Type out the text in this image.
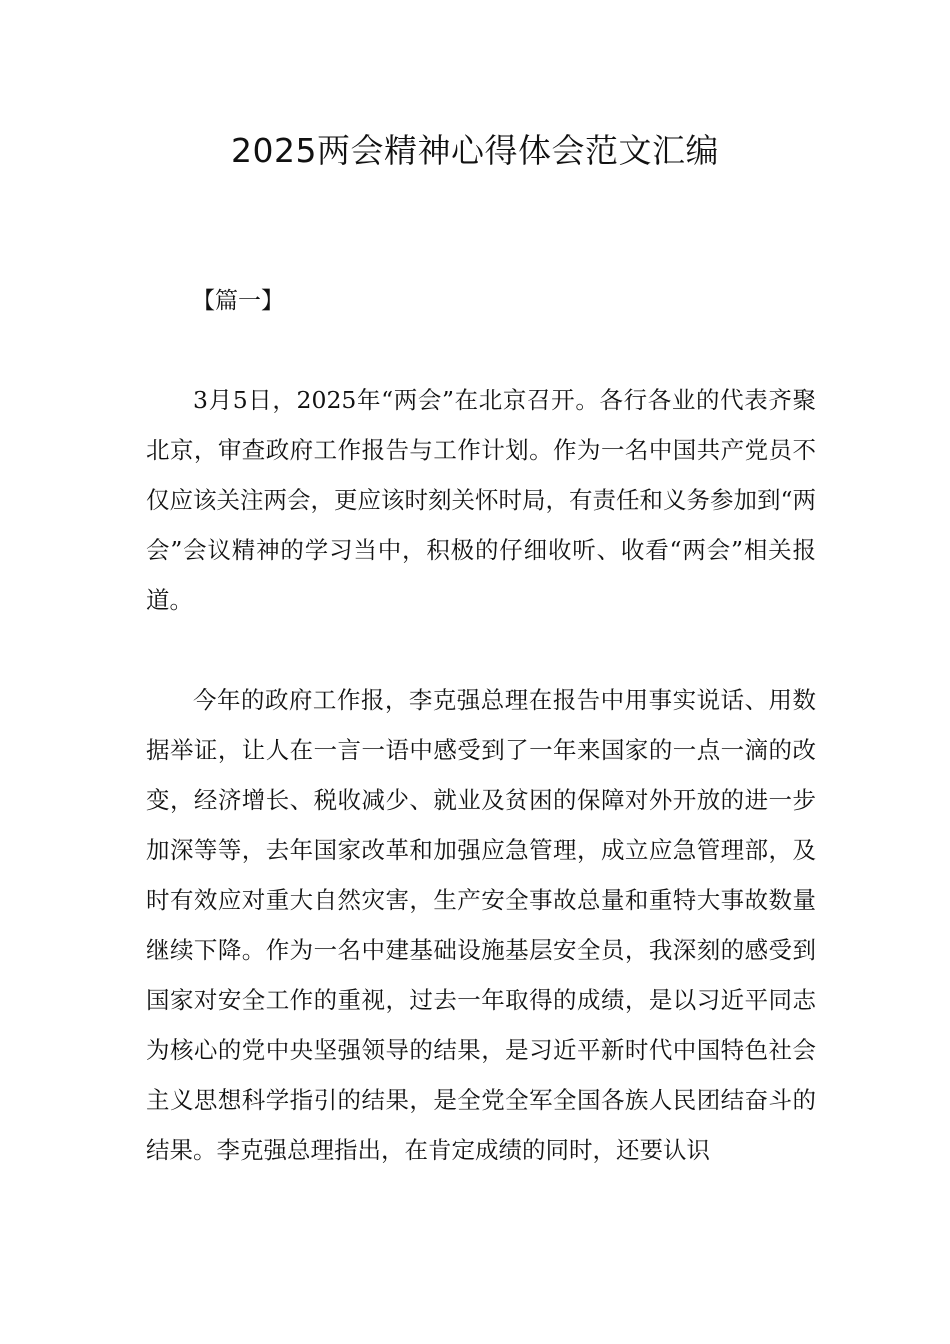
2025两会精神心得体会范文汇编
【篇一】

3月5日，2025年“两会”在北京召开。各行各业的代表齐聚北京，审查政府工作报告与工作计划。作为一名中国共产党员不仅应该关注两会，更应该时刻关怀时局，有责任和义务参加到“两会”会议精神的学习当中，积极的仔细收听、收看“两会”相关报道。

今年的政府工作报，李克强总理在报告中用事实说话、用数据举证，让人在一言一语中感受到了一年来国家的一点一滴的改变，经济增长、税收减少、就业及贫困的保障对外开放的进一步加深等等，去年国家改革和加强应急管理，成立应急管理部，及时有效应对重大自然灾害，生产安全事故总量和重特大事故数量继续下降。作为一名中建基础设施基层安全员，我深刻的感受到国家对安全工作的重视，过去一年取得的成绩，是以习近平同志为核心的党中央坚强领导的结果，是习近平新时代中国特色社会主义思想科学指引的结果，是全党全军全国各族人民团结奋斗的结果。李克强总理指出，在肯定成绩的同时，还要认识
